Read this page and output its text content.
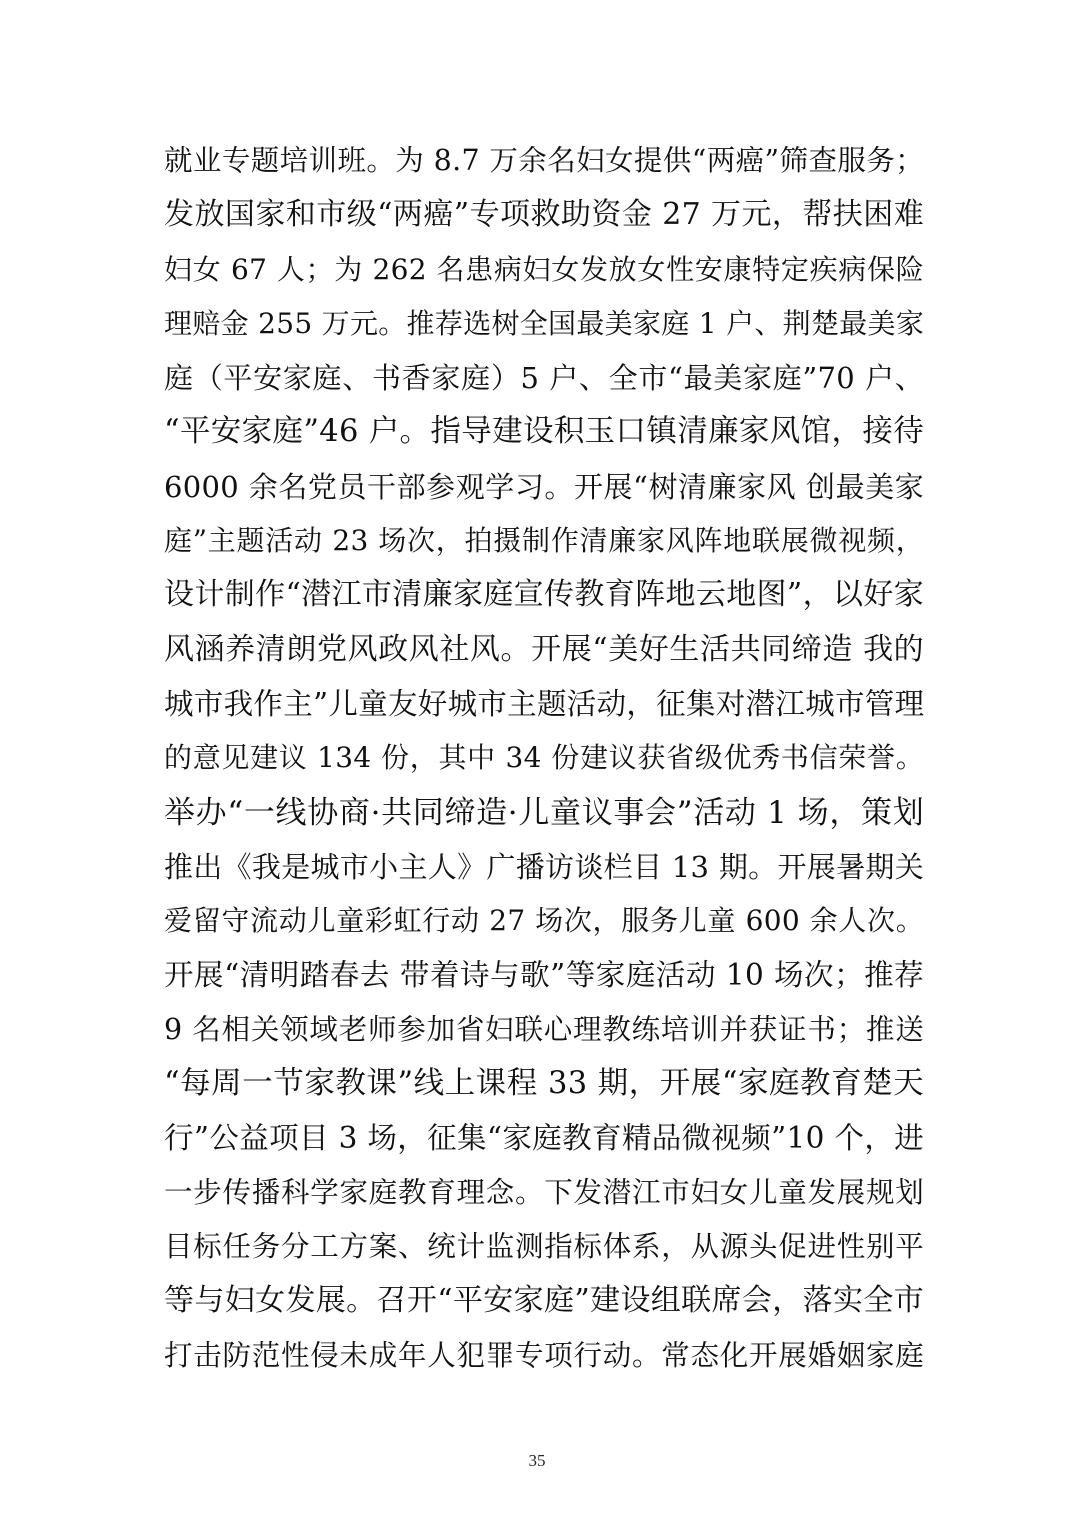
就业专题培训班。为 8.7 万余名妇女提供“两癌”筛查服务；
发放国家和市级“两癌”专项救助资金 27 万元，帮扶困难
妇女 67 人；为 262 名患病妇女发放女性安康特定疾病保险
理赔金 255 万元。推荐选树全国最美家庭 1 户、荆楚最美家
庭（平安家庭、书香家庭）5 户、全市“最美家庭”70 户、
“平安家庭”46 户。指导建设积玉口镇清廉家风馆，接待
6000 余名党员干部参观学习。开展“树清廉家风 创最美家
庭”主题活动 23 场次，拍摄制作清廉家风阵地联展微视频，
设计制作“潜江市清廉家庭宣传教育阵地云地图”，以好家
风涵养清朗党风政风社风。开展“美好生活共同缔造 我的
城市我作主”儿童友好城市主题活动，征集对潜江城市管理
的意见建议 134 份，其中 34 份建议获省级优秀书信荣誉。
举办“一线协商·共同缔造·儿童议事会”活动 1 场，策划
推出《我是城市小主人》广播访谈栏目 13 期。开展暑期关
爱留守流动儿童彩虹行动 27 场次，服务儿童 600 余人次。
开展“清明踏春去 带着诗与歌”等家庭活动 10 场次；推荐
9 名相关领域老师参加省妇联心理教练培训并获证书；推送
“每周一节家教课”线上课程 33 期，开展“家庭教育楚天
行”公益项目 3 场，征集“家庭教育精品微视频”10 个，进
一步传播科学家庭教育理念。下发潜江市妇女儿童发展规划
目标任务分工方案、统计监测指标体系，从源头促进性别平
等与妇女发展。召开“平安家庭”建设组联席会，落实全市
打击防范性侵未成年人犯罪专项行动。常态化开展婚姻家庭
35
